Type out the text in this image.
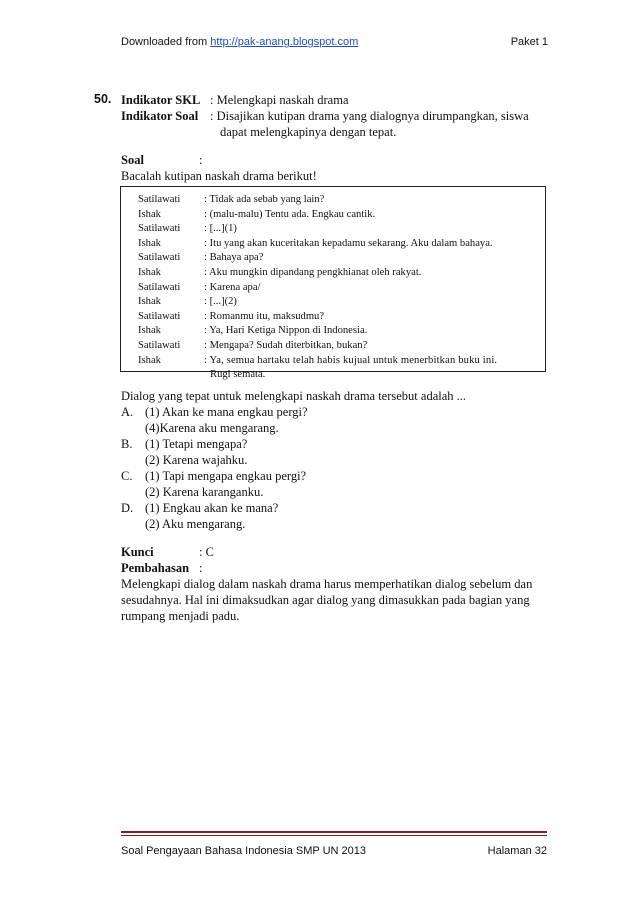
Downloaded from http://pak-anang.blogspot.com	Paket 1
50. Indikator SKL : Melengkapi naskah drama
Indikator Soal : Disajikan kutipan drama yang dialognya dirumpangkan, siswa
dapat melengkapinya dengan tepat.
Soal	:
Bacalah kutipan naskah drama berikut!
Satilawati : Tidak ada sebab yang lain?
Ishak	: (malu-malu) Tentu ada. Engkau cantik.
Satilawati : [...](1)
Ishak	: Itu yang akan kuceritakan kepadamu sekarang. Aku dalam bahaya.
Satilawati : Bahaya apa?
Ishak	: Aku mungkin dipandang pengkhianat oleh rakyat.
Satilawati : Karena apa/
Ishak	: [...](2)
Satilawati : Romanmu itu, maksudmu?
Ishak	: Ya, Hari Ketiga Nippon di Indonesia.
Satilawati : Mengapa? Sudah diterbitkan, bukan?
Ishak	: Ya, semua hartaku telah habis kujual untuk menerbitkan buku ini.
Rugi semata.
Dialog yang tepat untuk melengkapi naskah drama tersebut adalah ...
A. (1) Akan ke mana engkau pergi?
(4)Karena aku mengarang.
B. (1) Tetapi mengapa?
(2) Karena wajahku.
C. (1) Tapi mengapa engkau pergi?
(2) Karena karanganku.
D. (1) Engkau akan ke mana?
(2) Aku mengarang.
Kunci	: C
Pembahasan :
Melengkapi dialog dalam naskah drama harus memperhatikan dialog sebelum dan
sesudahnya. Hal ini dimaksudkan agar dialog yang dimasukkan pada bagian yang
rumpang menjadi padu.
Soal Pengayaan Bahasa Indonesia SMP UN 2013	Halaman 32
